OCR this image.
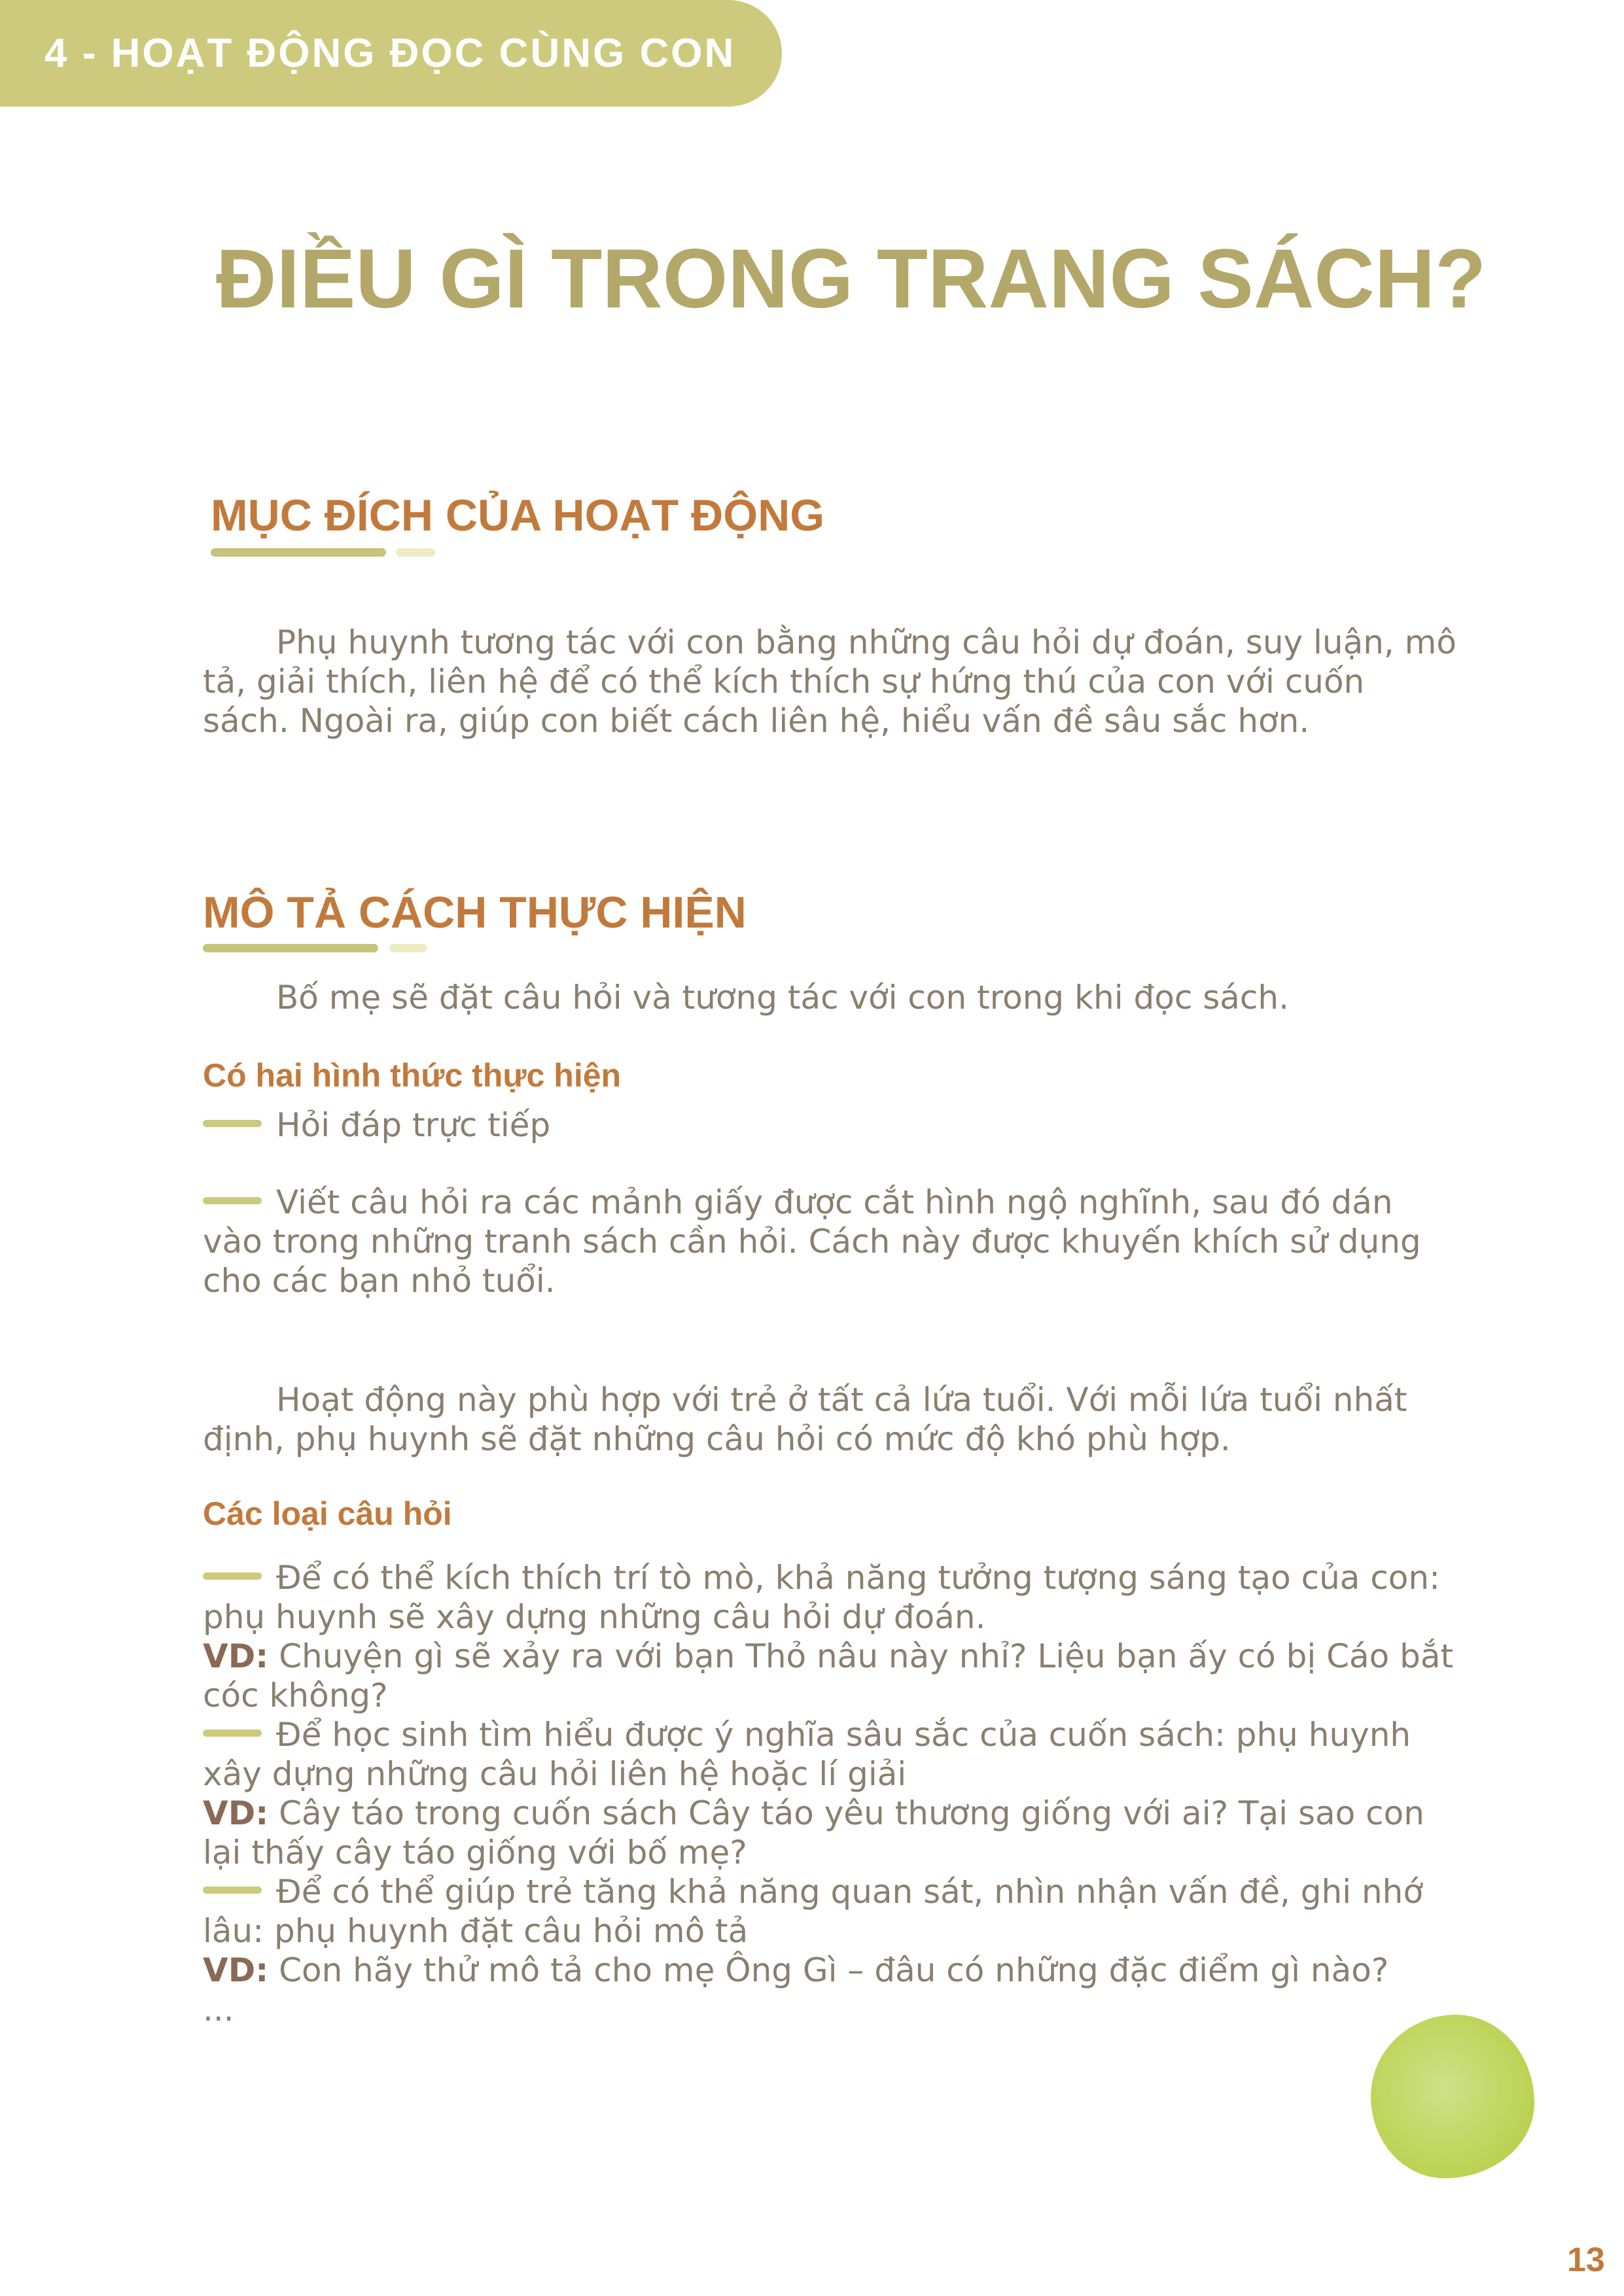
4 - HOẠT ĐỘNG ĐỌC CÙNG CON
ĐIỀU GÌ TRONG TRANG SÁCH?
MỤC ĐÍCH CỦA HOẠT ĐỘNG

Phụ huynh tương tác với con bằng những câu hỏi dự đoán, suy luận, mô tả, giải thích, liên hệ để có thể kích thích sự hứng thú của con với cuốn sách. Ngoài ra, giúp con biết cách liên hệ, hiểu vấn đề sâu sắc hơn.

MÔ TẢ CÁCH THỰC HIỆN

Bố mẹ sẽ đặt câu hỏi và tương tác với con trong khi đọc sách.

Có hai hình thức thực hiện

Hỏi đáp trực tiếp

Viết câu hỏi ra các mảnh giấy được cắt hình ngộ nghĩnh, sau đó dán vào trong những tranh sách cần hỏi. Cách này được khuyến khích sử dụng cho các bạn nhỏ tuổi.

Hoạt động này phù hợp với trẻ ở tất cả lứa tuổi. Với mỗi lứa tuổi nhất định, phụ huynh sẽ đặt những câu hỏi có mức độ khó phù hợp.

Các loại câu hỏi
Để có thể kích thích trí tò mò, khả năng tưởng tượng sáng tạo của con: phụ huynh sẽ xây dựng những câu hỏi dự đoán.
VD: Chuyện gì sẽ xảy ra với bạn Thỏ nâu này nhỉ? Liệu bạn ấy có bị Cáo bắt cóc không?
Để học sinh tìm hiểu được ý nghĩa sâu sắc của cuốn sách: phụ huynh xây dựng những câu hỏi liên hệ hoặc lí giải
VD: Cây táo trong cuốn sách Cây táo yêu thương giống với ai? Tại sao con lại thấy cây táo giống với bố mẹ?
Để có thể giúp trẻ tăng khả năng quan sát, nhìn nhận vấn đề, ghi nhớ lâu: phụ huynh đặt câu hỏi mô tả
VD: Con hãy thử mô tả cho mẹ Ông Gì – đâu có những đặc điểm gì nào?
...
13
